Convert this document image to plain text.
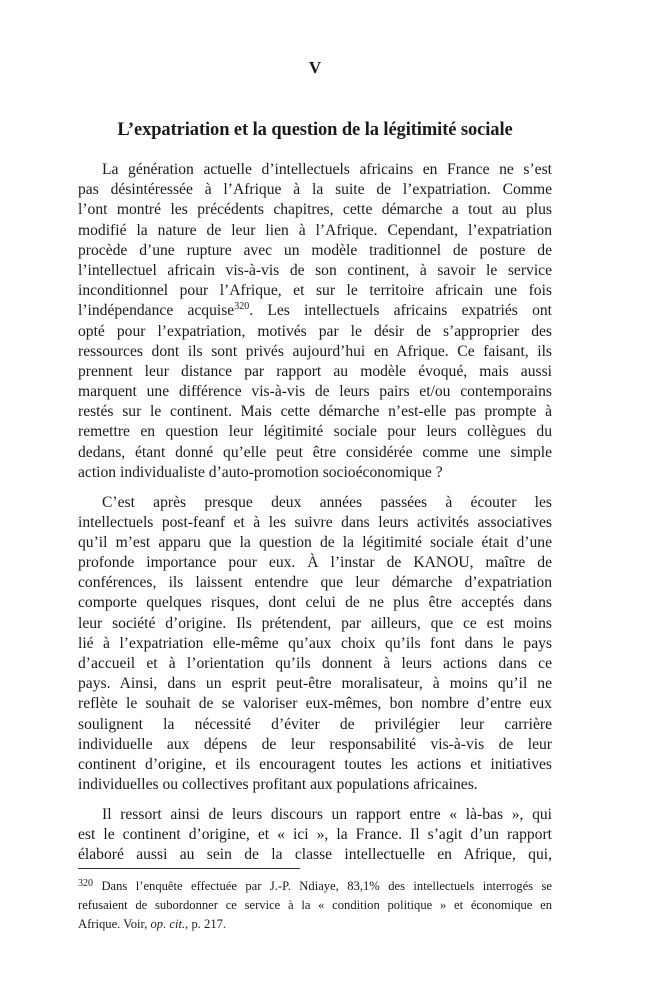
V
L’expatriation et la question de la légitimité sociale
La génération actuelle d’intellectuels africains en France ne s’est
pas désintéressée à l’Afrique à la suite de l’expatriation. Comme
l’ont montré les précédents chapitres, cette démarche a tout au plus
modifié la nature de leur lien à l’Afrique. Cependant, l’expatriation
procède d’une rupture avec un modèle traditionnel de posture de
l’intellectuel africain vis-à-vis de son continent, à savoir le service
inconditionnel pour l’Afrique, et sur le territoire africain une fois
l’indépendance acquise$^{320}$. Les intellectuels africains expatriés ont
opté pour l’expatriation, motivés par le désir de s’approprier des
ressources dont ils sont privés aujourd’hui en Afrique. Ce faisant, ils
prennent leur distance par rapport au modèle évoqué, mais aussi
marquent une différence vis-à-vis de leurs pairs et/ou contemporains
restés sur le continent. Mais cette démarche n’est-elle pas prompte à
remettre en question leur légitimité sociale pour leurs collègues du
dedans, étant donné qu’elle peut être considérée comme une simple
action individualiste d’auto-promotion socioéconomique ?
C’est après presque deux années passées à écouter les
intellectuels post-feanf et à les suivre dans leurs activités associatives
qu’il m’est apparu que la question de la légitimité sociale était d’une
profonde importance pour eux. À l’instar de KANOU, maître de
conférences, ils laissent entendre que leur démarche d’expatriation
comporte quelques risques, dont celui de ne plus être acceptés dans
leur société d’origine. Ils prétendent, par ailleurs, que ce est moins
lié à l’expatriation elle-même qu’aux choix qu’ils font dans le pays
d’accueil et à l’orientation qu’ils donnent à leurs actions dans ce
pays. Ainsi, dans un esprit peut-être moralisateur, à moins qu’il ne
reflète le souhait de se valoriser eux-mêmes, bon nombre d’entre eux
soulignent la nécessité d’éviter de privilégier leur carrière
individuelle aux dépens de leur responsabilité vis-à-vis de leur
continent d’origine, et ils encouragent toutes les actions et initiatives
individuelles ou collectives profitant aux populations africaines.
Il ressort ainsi de leurs discours un rapport entre « là-bas », qui
est le continent d’origine, et « ici », la France. Il s’agit d’un rapport
élaboré aussi au sein de la classe intellectuelle en Afrique, qui,
$^{320}$ Dans l’enquête effectuée par J.-P. Ndiaye, 83,1% des intellectuels interrogés se
refusaient de subordonner ce service à la « condition politique » et économique en
Afrique. Voir, op. cit., p. 217.
